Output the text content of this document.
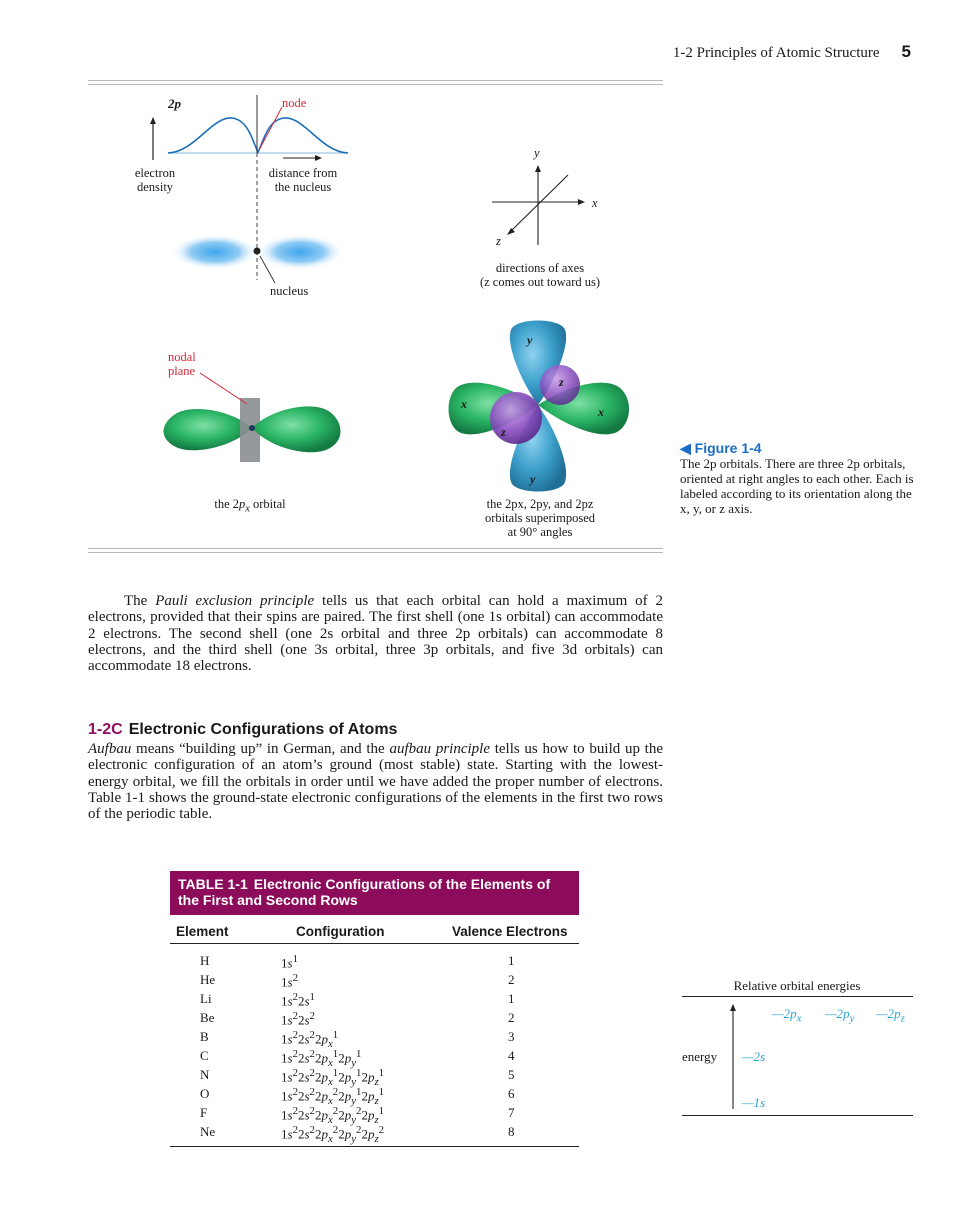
1-2 Principles of Atomic Structure 5
2p	node
electron
density
distance from
the nucleus
nucleus
y
x
z
directions of axes
(z comes out toward us)
nodal
plane
the $2p_x$ orbital
y
x
x
z
z
y
the 2px, 2py, and 2pz
orbitals superimposed
at 90° angles
◀ Figure 1-4
The 2p orbitals. There are three 2p orbitals, oriented at right angles to each other. Each is labeled according to its orientation along the x, y, or z axis.
The Pauli exclusion principle tells us that each orbital can hold a maximum of 2 electrons, provided that their spins are paired. The first shell (one 1s orbital) can accommodate 2 electrons. The second shell (one 2s orbital and three 2p orbitals) can accommodate 8 electrons, and the third shell (one 3s orbital, three 3p orbitals, and five 3d orbitals) can accommodate 18 electrons.
1-2C Electronic Configurations of Atoms
Aufbau means “building up” in German, and the aufbau principle tells us how to build up the electronic configuration of an atom’s ground (most stable) state. Starting with the lowest-energy orbital, we fill the orbitals in order until we have added the proper number of electrons. Table 1-1 shows the ground-state electronic configurations of the elements in the first two rows of the periodic table.
TABLE 1-1 Electronic Configurations of the Elements of the First and Second Rows
Element	Configuration	Valence Electrons
H	$1s^1$	1
He	$1s^2$	2
Li	$1s^22s^1$	1
Be	$1s^22s^2$	2
B	$1s^22s^22p_x^1$	3
C	$1s^22s^22p_x^12p_y^1$	4
N	$1s^22s^22p_x^12p_y^12p_z^1$	5
O	$1s^22s^22p_x^22p_y^12p_z^1$	6
F	$1s^22s^22p_x^22p_y^22p_z^1$	7
Ne	$1s^22s^22p_x^22p_y^22p_z^2$	8
Relative orbital energies
energy
$—2p_x$ $—2p_y$ $—2p_z$
—2s
—1s
